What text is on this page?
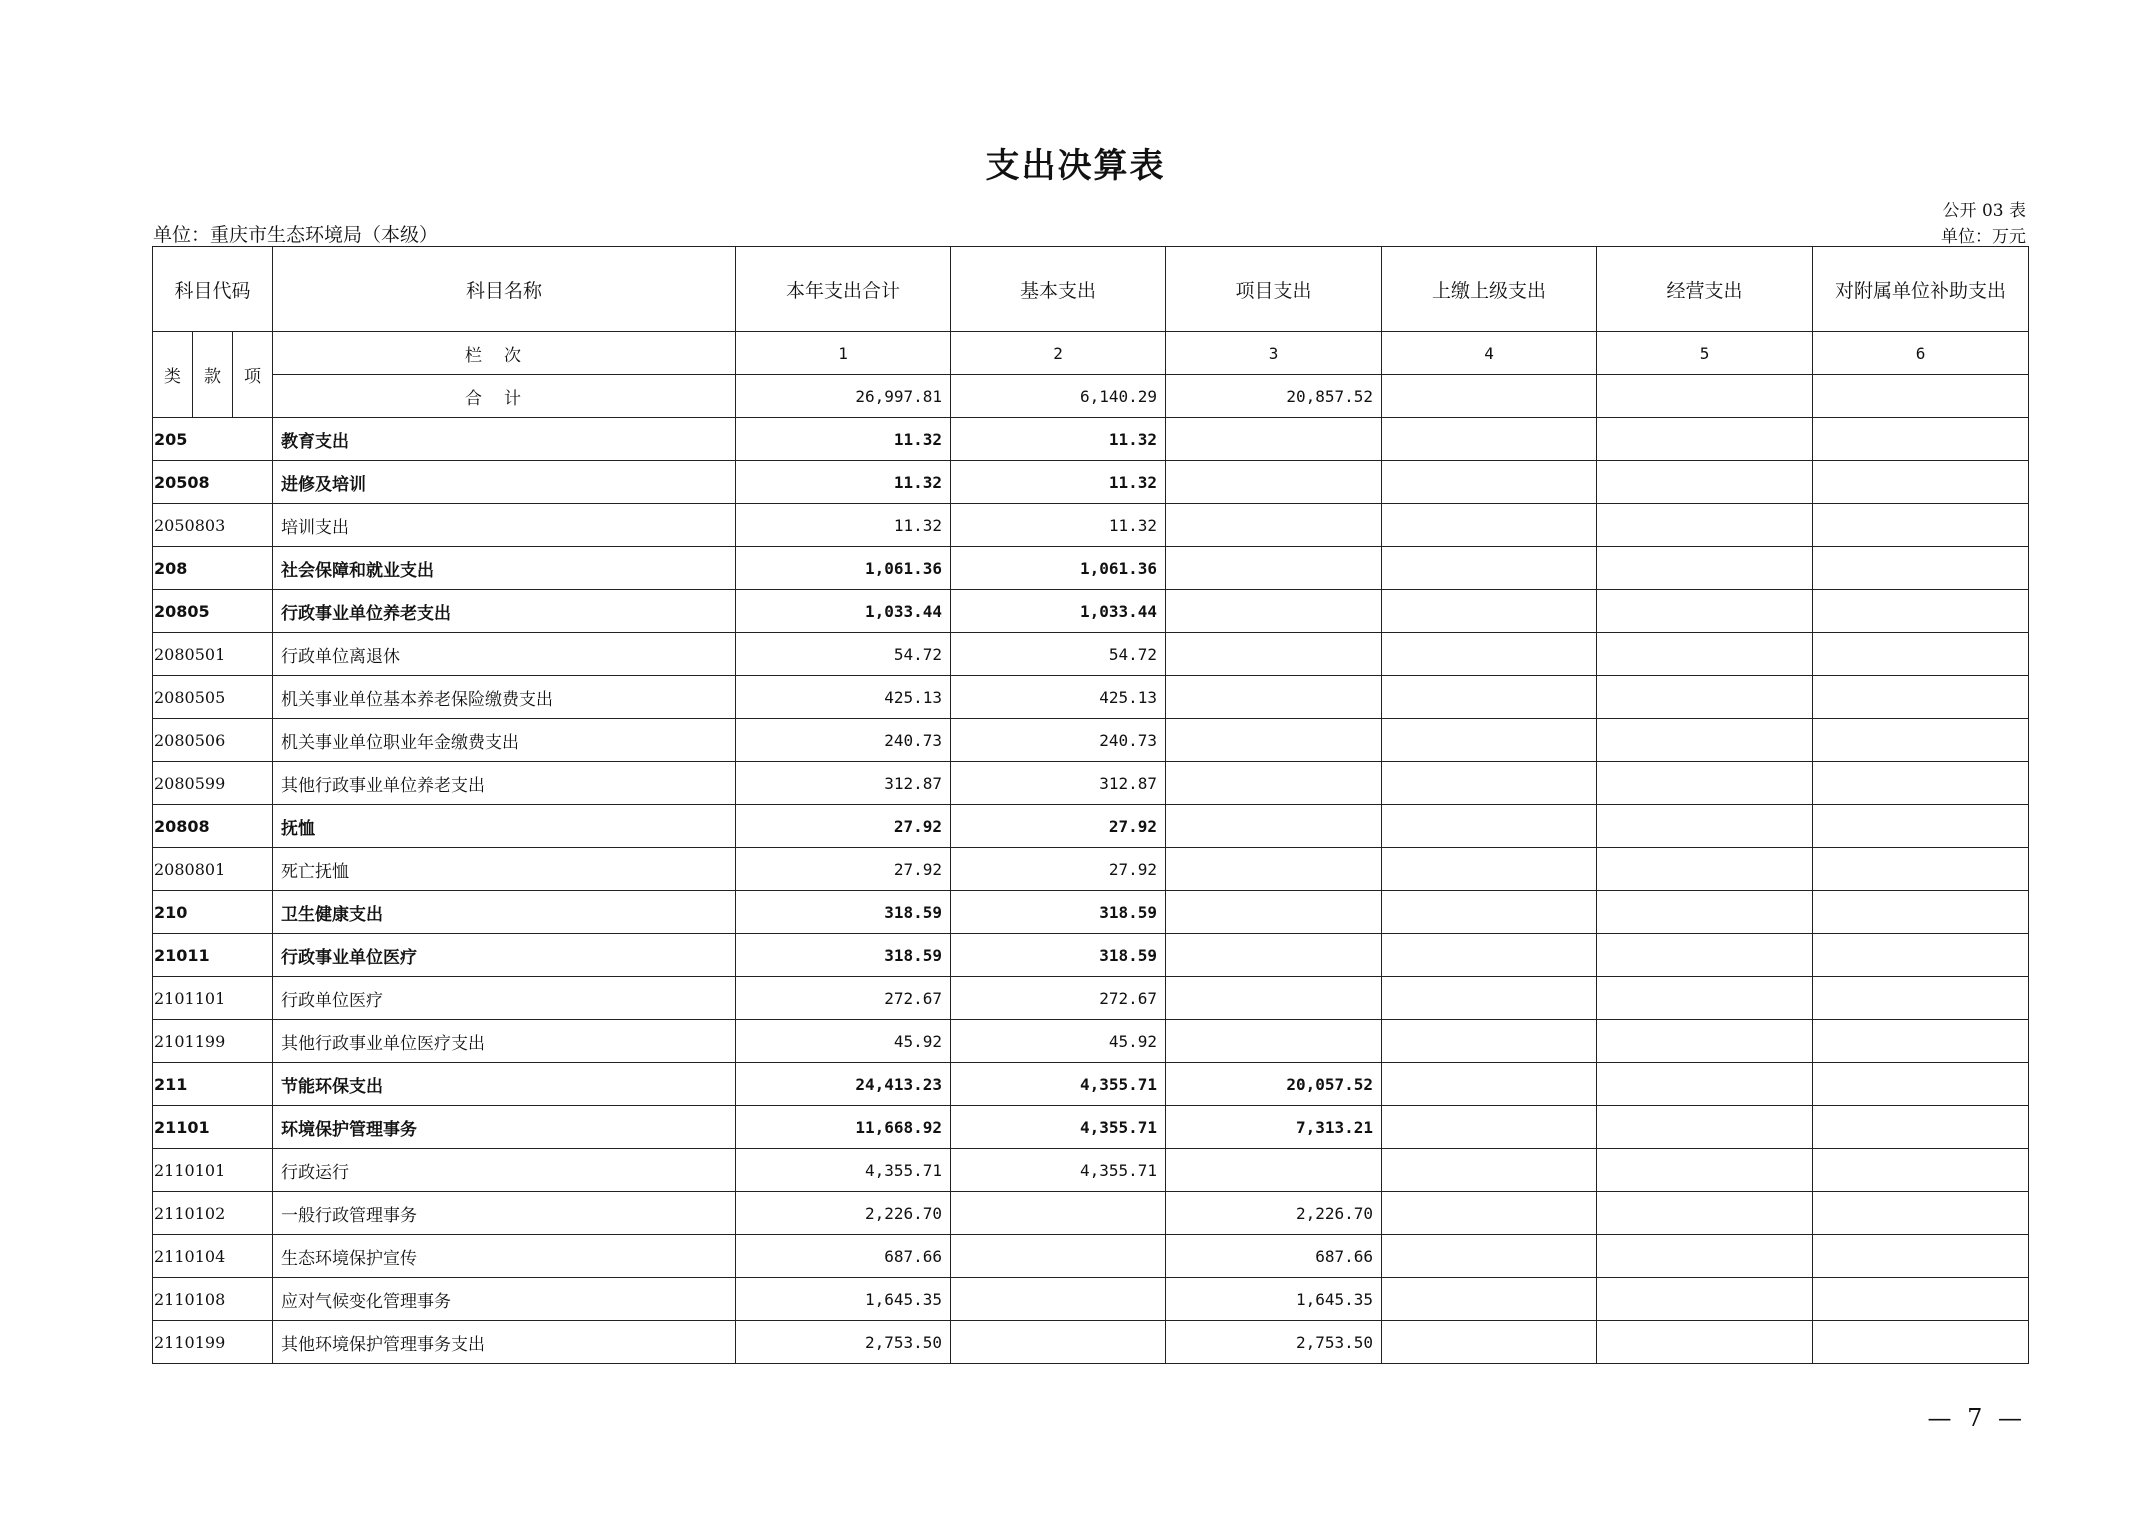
支出决算表
公开 03 表
单位：重庆市生态环境局（本级）	单位：万元
科目代码			科目名称	本年支出合计	基本支出	项目支出	上缴上级支出	经营支出	对附属单位补助支出
类	款	项	栏次	1	2	3	4	5	6
			合计	26,997.81	6,140.29	20,857.52			
205			教育支出	11.32	11.32				
20508			进修及培训	11.32	11.32				
2050803			培训支出	11.32	11.32				
208			社会保障和就业支出	1,061.36	1,061.36				
20805			行政事业单位养老支出	1,033.44	1,033.44				
2080501			行政单位离退休	54.72	54.72				
2080505			机关事业单位基本养老保险缴费支出	425.13	425.13				
2080506			机关事业单位职业年金缴费支出	240.73	240.73				
2080599			其他行政事业单位养老支出	312.87	312.87				
20808			抚恤	27.92	27.92				
2080801			死亡抚恤	27.92	27.92				
210			卫生健康支出	318.59	318.59				
21011			行政事业单位医疗	318.59	318.59				
2101101			行政单位医疗	272.67	272.67				
2101199			其他行政事业单位医疗支出	45.92	45.92				
211			节能环保支出	24,413.23	4,355.71	20,057.52			
21101			环境保护管理事务	11,668.92	4,355.71	7,313.21			
2110101			行政运行	4,355.71	4,355.71				
2110102			一般行政管理事务	2,226.70		2,226.70			
2110104			生态环境保护宣传	687.66		687.66			
2110108			应对气候变化管理事务	1,645.35		1,645.35			
2110199			其他环境保护管理事务支出	2,753.50		2,753.50			
— 7 —
